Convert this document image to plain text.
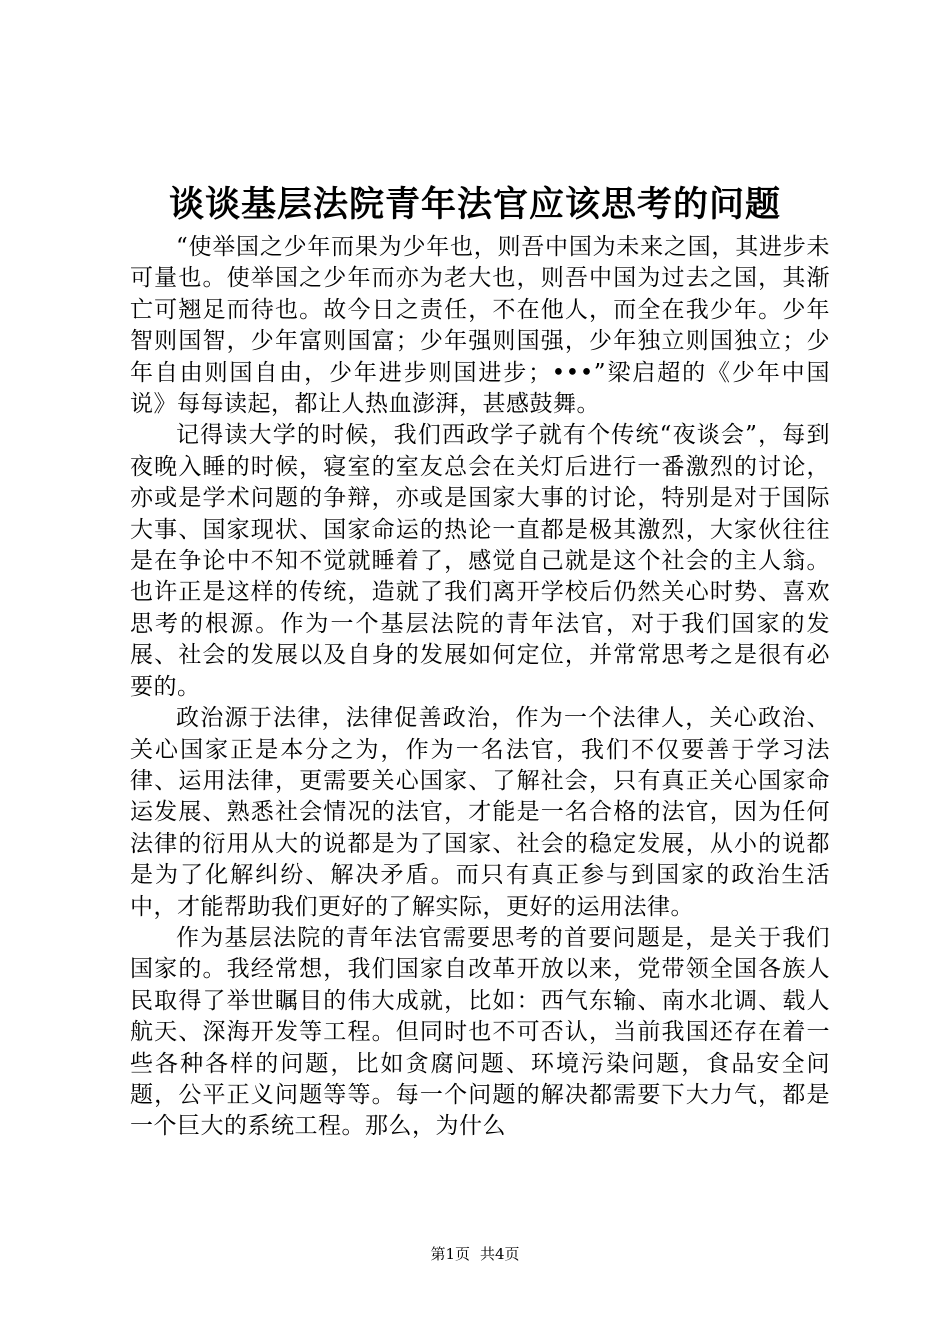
谈谈基层法院青年法官应该思考的问题

“使举国之少年而果为少年也，则吾中国为未来之国，其进步未可量也。使举国之少年而亦为老大也，则吾中国为过去之国，其渐亡可翘足而待也。故今日之责任，不在他人，而全在我少年。少年智则国智，少年富则国富；少年强则国强，少年独立则国独立；少年自由则国自由，少年进步则国进步；•••”梁启超的《少年中国说》每每读起，都让人热血澎湃，甚感鼓舞。

记得读大学的时候，我们西政学子就有个传统“夜谈会”，每到夜晚入睡的时候，寝室的室友总会在关灯后进行一番激烈的讨论，亦或是学术问题的争辩，亦或是国家大事的讨论，特别是对于国际大事、国家现状、国家命运的热论一直都是极其激烈，大家伙往往是在争论中不知不觉就睡着了，感觉自己就是这个社会的主人翁。也许正是这样的传统，造就了我们离开学校后仍然关心时势、喜欢思考的根源。作为一个基层法院的青年法官，对于我们国家的发展、社会的发展以及自身的发展如何定位，并常常思考之是很有必要的。

政治源于法律，法律促善政治，作为一个法律人，关心政治、关心国家正是本分之为，作为一名法官，我们不仅要善于学习法律、运用法律，更需要关心国家、了解社会，只有真正关心国家命运发展、熟悉社会情况的法官，才能是一名合格的法官，因为任何法律的衍用从大的说都是为了国家、社会的稳定发展，从小的说都是为了化解纠纷、解决矛盾。而只有真正参与到国家的政治生活中，才能帮助我们更好的了解实际，更好的运用法律。

作为基层法院的青年法官需要思考的首要问题是，是关于我们国家的。我经常想，我们国家自改革开放以来，党带领全国各族人民取得了举世瞩目的伟大成就，比如：西气东输、南水北调、载人航天、深海开发等工程。但同时也不可否认，当前我国还存在着一些各种各样的问题，比如贪腐问题、环境污染问题，食品安全问题，公平正义问题等等。每一个问题的解决都需要下大力气，都是一个巨大的系统工程。那么，为什么

第1页 共4页
